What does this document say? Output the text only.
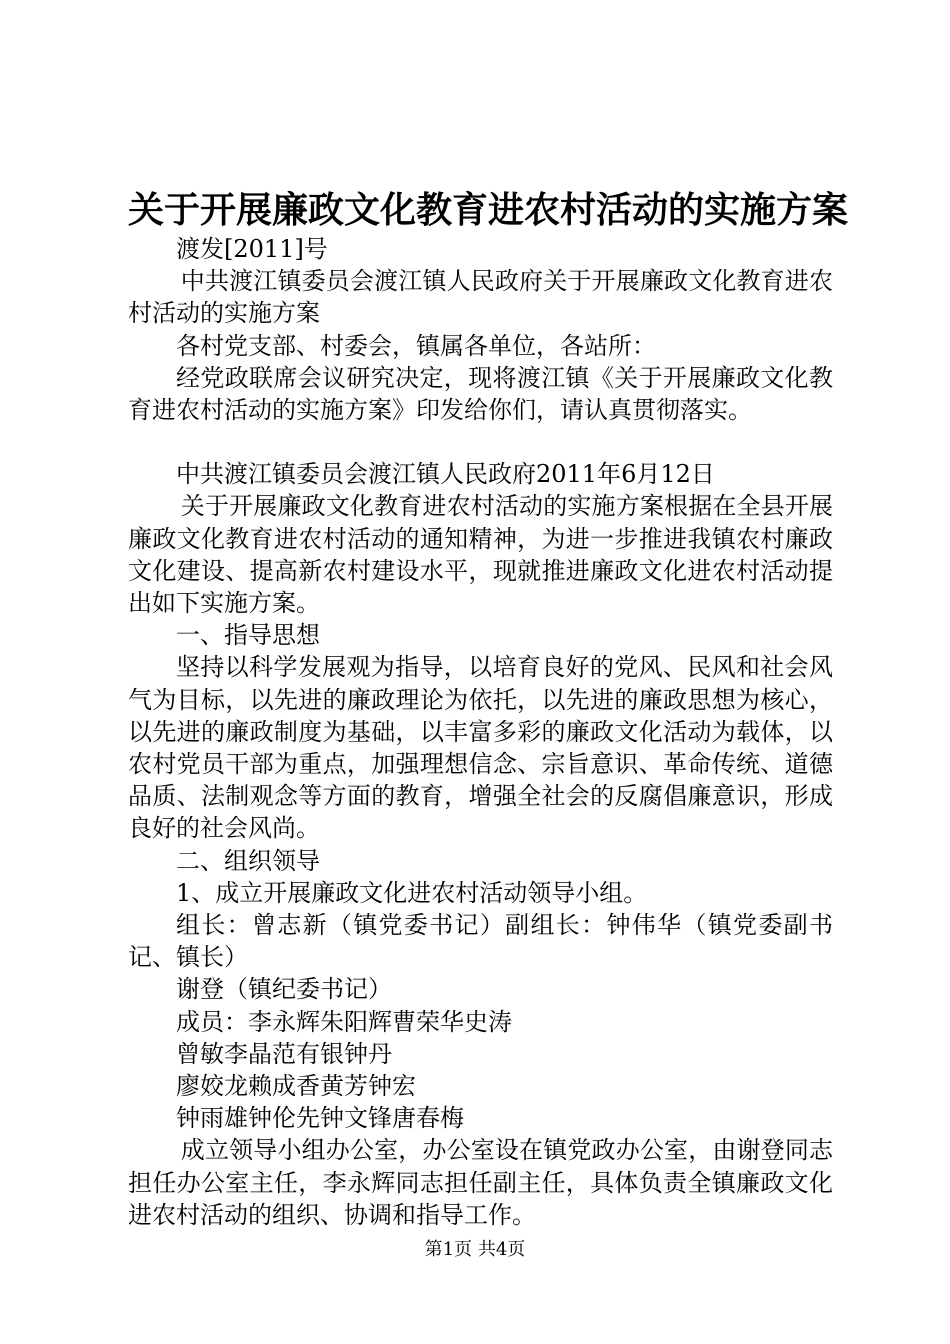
关于开展廉政文化教育进农村活动的实施方案

渡发[2011]号

中共渡江镇委员会渡江镇人民政府关于开展廉政文化教育进农村活动的实施方案

各村党支部、村委会，镇属各单位，各站所：

经党政联席会议研究决定，现将渡江镇《关于开展廉政文化教育进农村活动的实施方案》印发给你们，请认真贯彻落实。

中共渡江镇委员会渡江镇人民政府2011年6月12日

关于开展廉政文化教育进农村活动的实施方案根据在全县开展廉政文化教育进农村活动的通知精神，为进一步推进我镇农村廉政文化建设、提高新农村建设水平，现就推进廉政文化进农村活动提出如下实施方案。

一、指导思想

坚持以科学发展观为指导，以培育良好的党风、民风和社会风气为目标，以先进的廉政理论为依托，以先进的廉政思想为核心，以先进的廉政制度为基础，以丰富多彩的廉政文化活动为载体，以农村党员干部为重点，加强理想信念、宗旨意识、革命传统、道德品质、法制观念等方面的教育，增强全社会的反腐倡廉意识，形成良好的社会风尚。

二、组织领导

1、成立开展廉政文化进农村活动领导小组。

组长：曾志新（镇党委书记）副组长：钟伟华（镇党委副书记、镇长）

谢登（镇纪委书记）

成员：李永辉朱阳辉曹荣华史涛

曾敏李晶范有银钟丹

廖姣龙赖成香黄芳钟宏

钟雨雄钟伦先钟文锋唐春梅

成立领导小组办公室，办公室设在镇党政办公室，由谢登同志担任办公室主任，李永辉同志担任副主任，具体负责全镇廉政文化进农村活动的组织、协调和指导工作。

第1页 共4页
